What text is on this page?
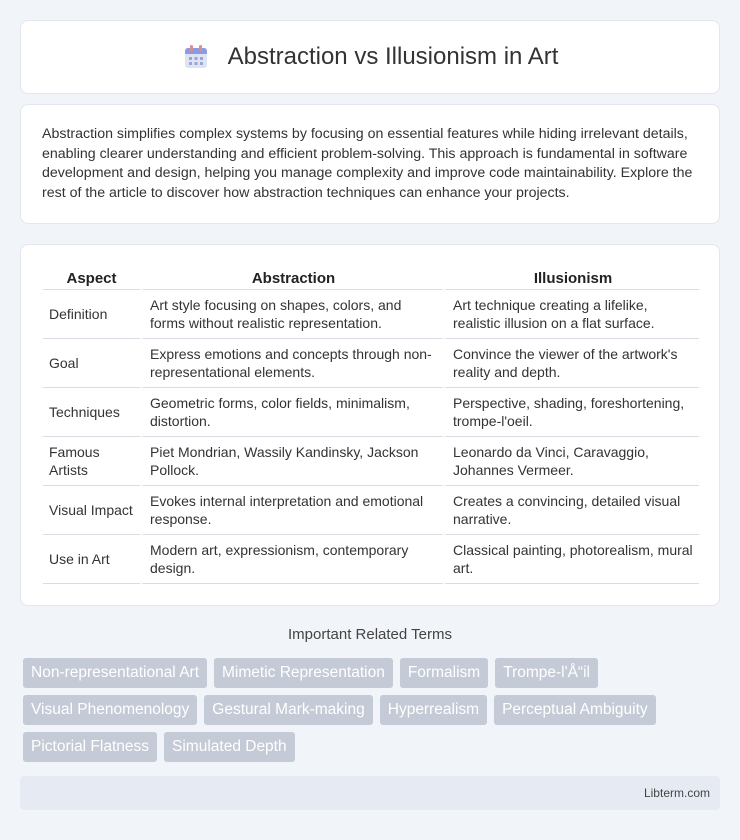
Abstraction vs Illusionism in Art

Abstraction simplifies complex systems by focusing on essential features while hiding irrelevant details, enabling clearer understanding and efficient problem-solving. This approach is fundamental in software development and design, helping you manage complexity and improve code maintainability. Explore the rest of the article to discover how abstraction techniques can enhance your projects.

Aspect	Abstraction	Illusionism
Definition	Art style focusing on shapes, colors, and forms without realistic representation.	Art technique creating a lifelike, realistic illusion on a flat surface.
Goal	Express emotions and concepts through non-representational elements.	Convince the viewer of the artwork's reality and depth.
Techniques	Geometric forms, color fields, minimalism, distortion.	Perspective, shading, foreshortening, trompe-l'oeil.
Famous Artists	Piet Mondrian, Wassily Kandinsky, Jackson Pollock.	Leonardo da Vinci, Caravaggio, Johannes Vermeer.
Visual Impact	Evokes internal interpretation and emotional response.	Creates a convincing, detailed visual narrative.
Use in Art	Modern art, expressionism, contemporary design.	Classical painting, photorealism, mural art.
Important Related Terms
Non-representational Art	Mimetic Representation	Formalism	Trompe-l'Å“il
Visual Phenomenology	Gestural Mark-making	Hyperrealism	Perceptual Ambiguity
Pictorial Flatness	Simulated Depth
Libterm.com
